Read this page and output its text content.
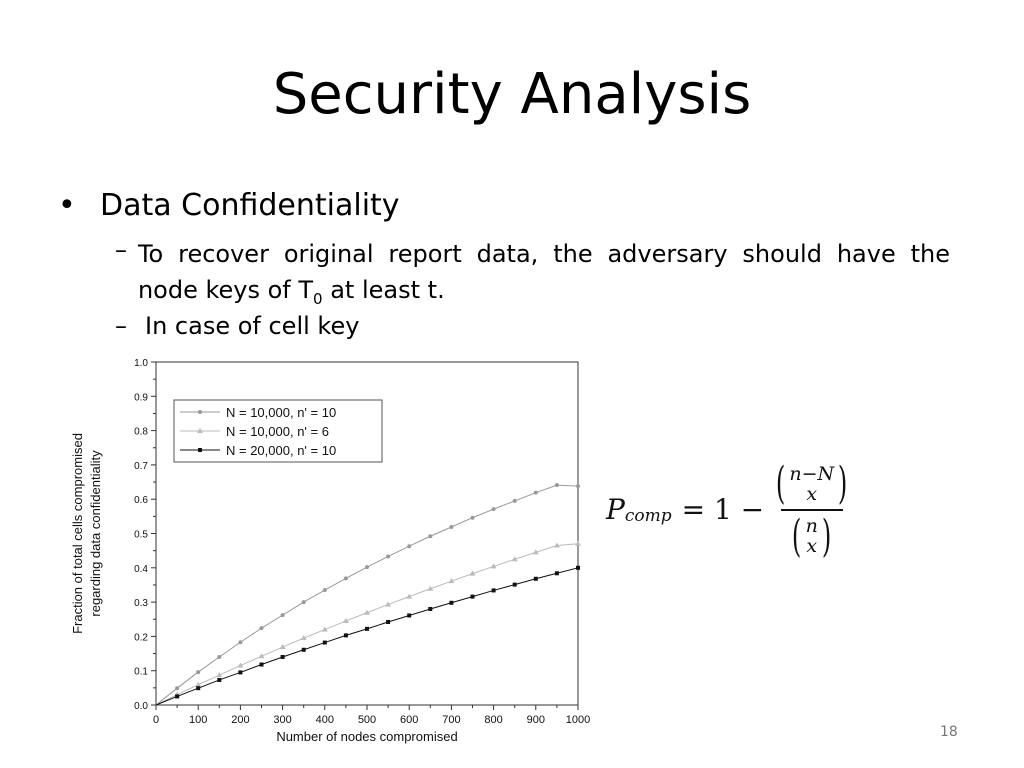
Security Analysis
• Data Confidentiality
– To recover original report data, the adversary should have the node keys of $T_0$ at least t.
– In case of cell key
0	100 200 300 400 500 600 700 800 900 1000
0.0
0.1
0.2
0.3
0.4
0.5
0.6
0.7
0.8
0.9
1.0
Number of nodes compromised
Fraction of total cells compromised regarding data confidentiality
N = 10,000, n' = 10
N = 10,000, n' = 6
N = 20,000, n' = 10
$P_{comp} = 1$ −
( n−N
x )
( n
x )
18
